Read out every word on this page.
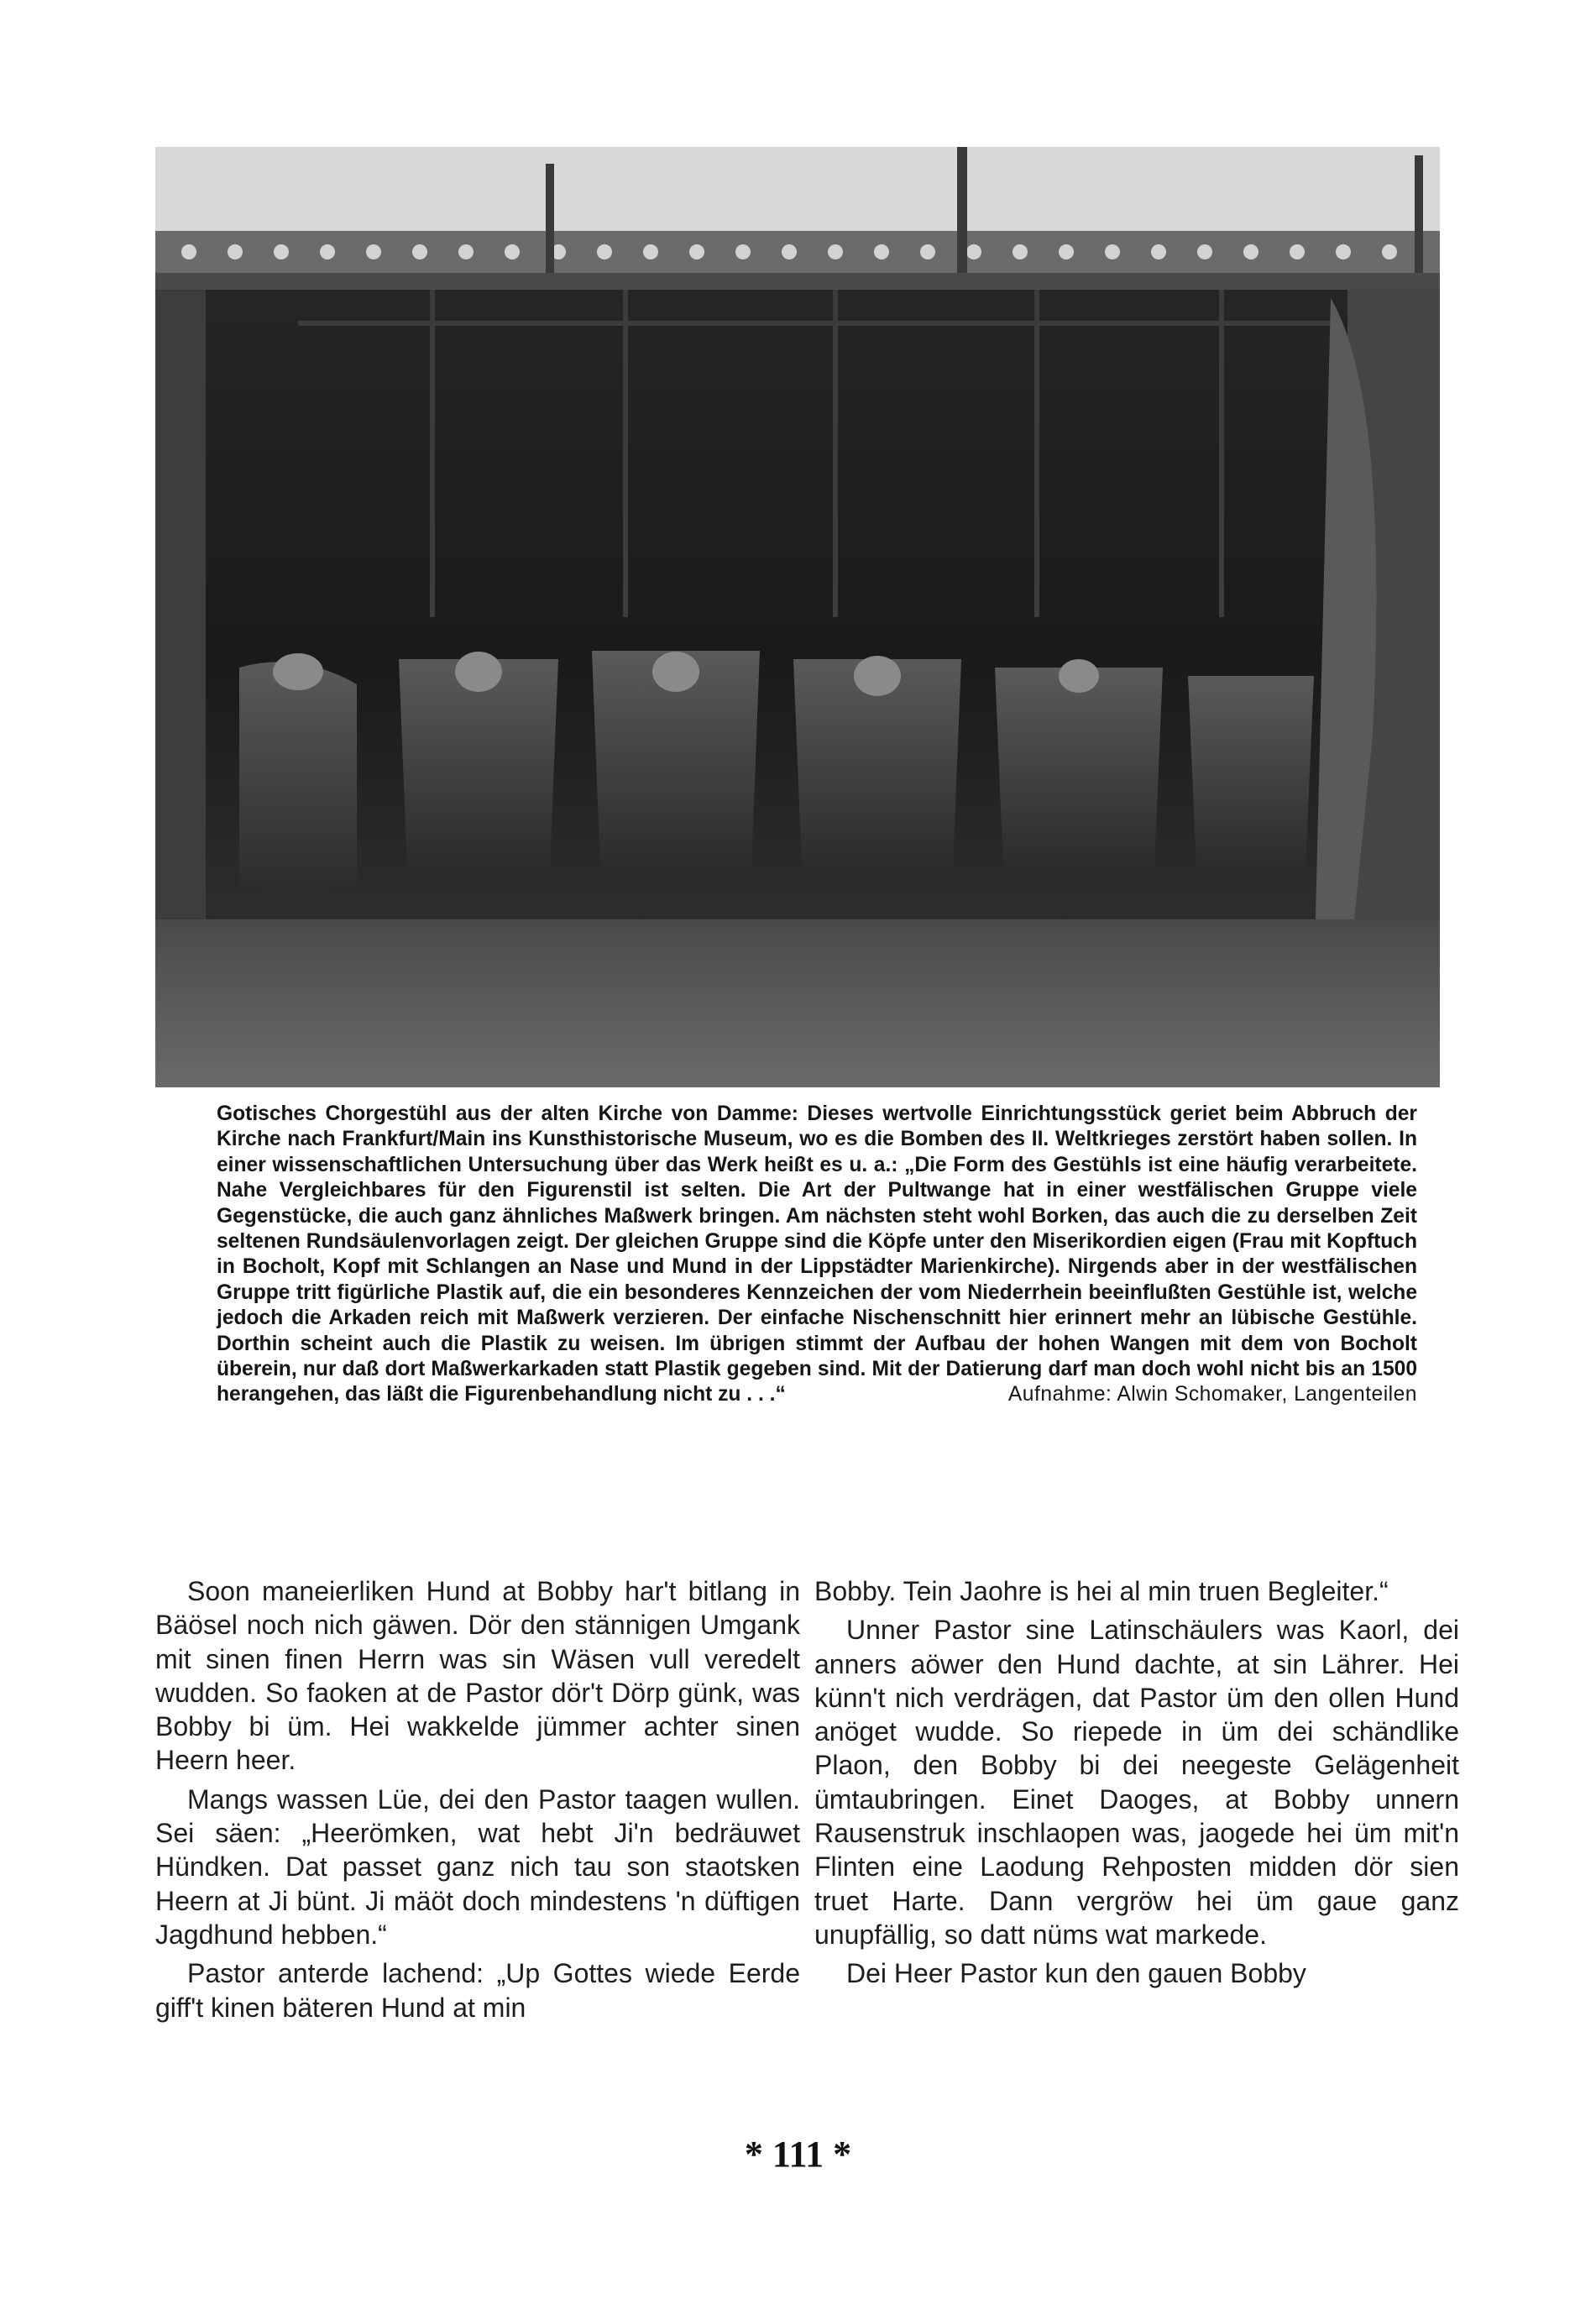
Gotisches Chorgestühl aus der alten Kirche von Damme: Dieses wertvolle Einrichtungsstück geriet beim Abbruch der Kirche nach Frankfurt/Main ins Kunsthistorische Museum, wo es die Bomben des II. Weltkrieges zerstört haben sollen. In einer wissenschaftlichen Untersuchung über das Werk heißt es u. a.: „Die Form des Gestühls ist eine häufig verarbeitete. Nahe Vergleichbares für den Figurenstil ist selten. Die Art der Pultwange hat in einer westfälischen Gruppe viele Gegenstücke, die auch ganz ähnliches Maßwerk bringen. Am nächsten steht wohl Borken, das auch die zu derselben Zeit seltenen Rundsäulenvorlagen zeigt. Der gleichen Gruppe sind die Köpfe unter den Miserikordien eigen (Frau mit Kopftuch in Bocholt, Kopf mit Schlangen an Nase und Mund in der Lippstädter Marienkirche). Nirgends aber in der westfälischen Gruppe tritt figürliche Plastik auf, die ein besonderes Kennzeichen der vom Niederrhein beeinflußten Gestühle ist, welche jedoch die Arkaden reich mit Maßwerk verzieren. Der einfache Nischenschnitt hier erinnert mehr an lübische Gestühle. Dorthin scheint auch die Plastik zu weisen. Im übrigen stimmt der Aufbau der hohen Wangen mit dem von Bocholt überein, nur daß dort Maßwerkarkaden statt Plastik gegeben sind. Mit der Datierung darf man doch wohl nicht bis an 1500 herangehen, das läßt die Figurenbehandlung nicht zu . . .“	Aufnahme: Alwin Schomaker, Langenteilen

Soon maneierliken Hund at Bobby har't bitlang in Bäösel noch nich gäwen. Dör den stännigen Umgank mit sinen finen Herrn was sin Wäsen vull veredelt wudden. So faoken at de Pastor dör't Dörp günk, was Bobby bi üm. Hei wakkelde jümmer achter sinen Heern heer.

Mangs wassen Lüe, dei den Pastor taagen wullen. Sei säen: „Heerömken, wat hebt Ji'n bedräuwet Hündken. Dat passet ganz nich tau son staotsken Heern at Ji bünt. Ji mäöt doch mindestens 'n düftigen Jagdhund hebben.“

Pastor anterde lachend: „Up Gottes wiede Eerde giff't kinen bäteren Hund at min

Bobby. Tein Jaohre is hei al min truen Begleiter.“

Unner Pastor sine Latinschäulers was Kaorl, dei anners aöwer den Hund dachte, at sin Lährer. Hei künn't nich verdrägen, dat Pastor üm den ollen Hund anöget wudde. So riepede in üm dei schändlike Plaon, den Bobby bi dei neegeste Gelägenheit ümtaubringen. Einet Daoges, at Bobby unnern Rausenstruk inschlaopen was, jaogede hei üm mit'n Flinten eine Laodung Rehposten midden dör sien truet Harte. Dann vergröw hei üm gaue ganz unupfällig, so datt nüms wat markede.

Dei Heer Pastor kun den gauen Bobby

* 111 *
